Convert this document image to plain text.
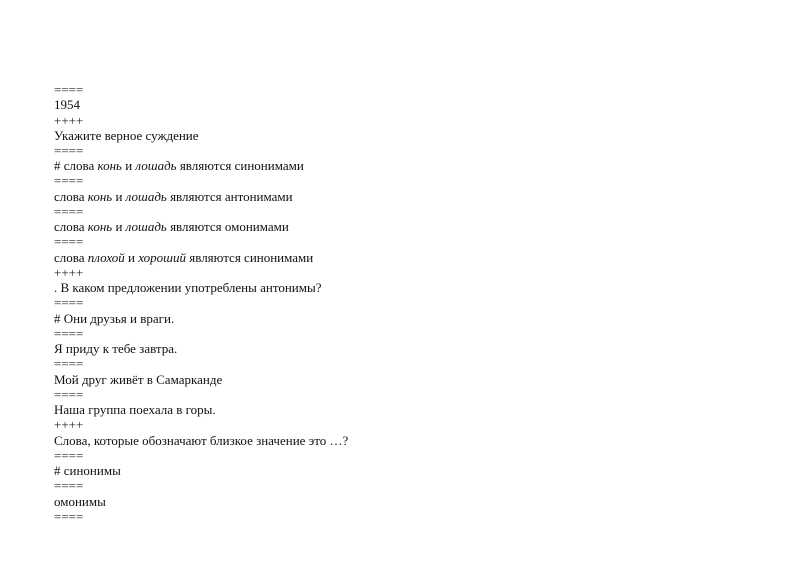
====
1954
++++
Укажите верное суждение
====
# слова конь и лошадь являются синонимами
====
слова конь и лошадь являются антонимами
====
слова конь и лошадь являются омонимами
====
слова плохой и хороший являются синонимами
++++
. В каком предложении употреблены антонимы?
====
# Они друзья и враги.
====
Я приду к тебе завтра.
====
Мой друг живёт в Самарканде
====
Наша группа поехала в горы.
++++
Слова, которые обозначают близкое значение это …?
====
# синонимы
====
омонимы
====
